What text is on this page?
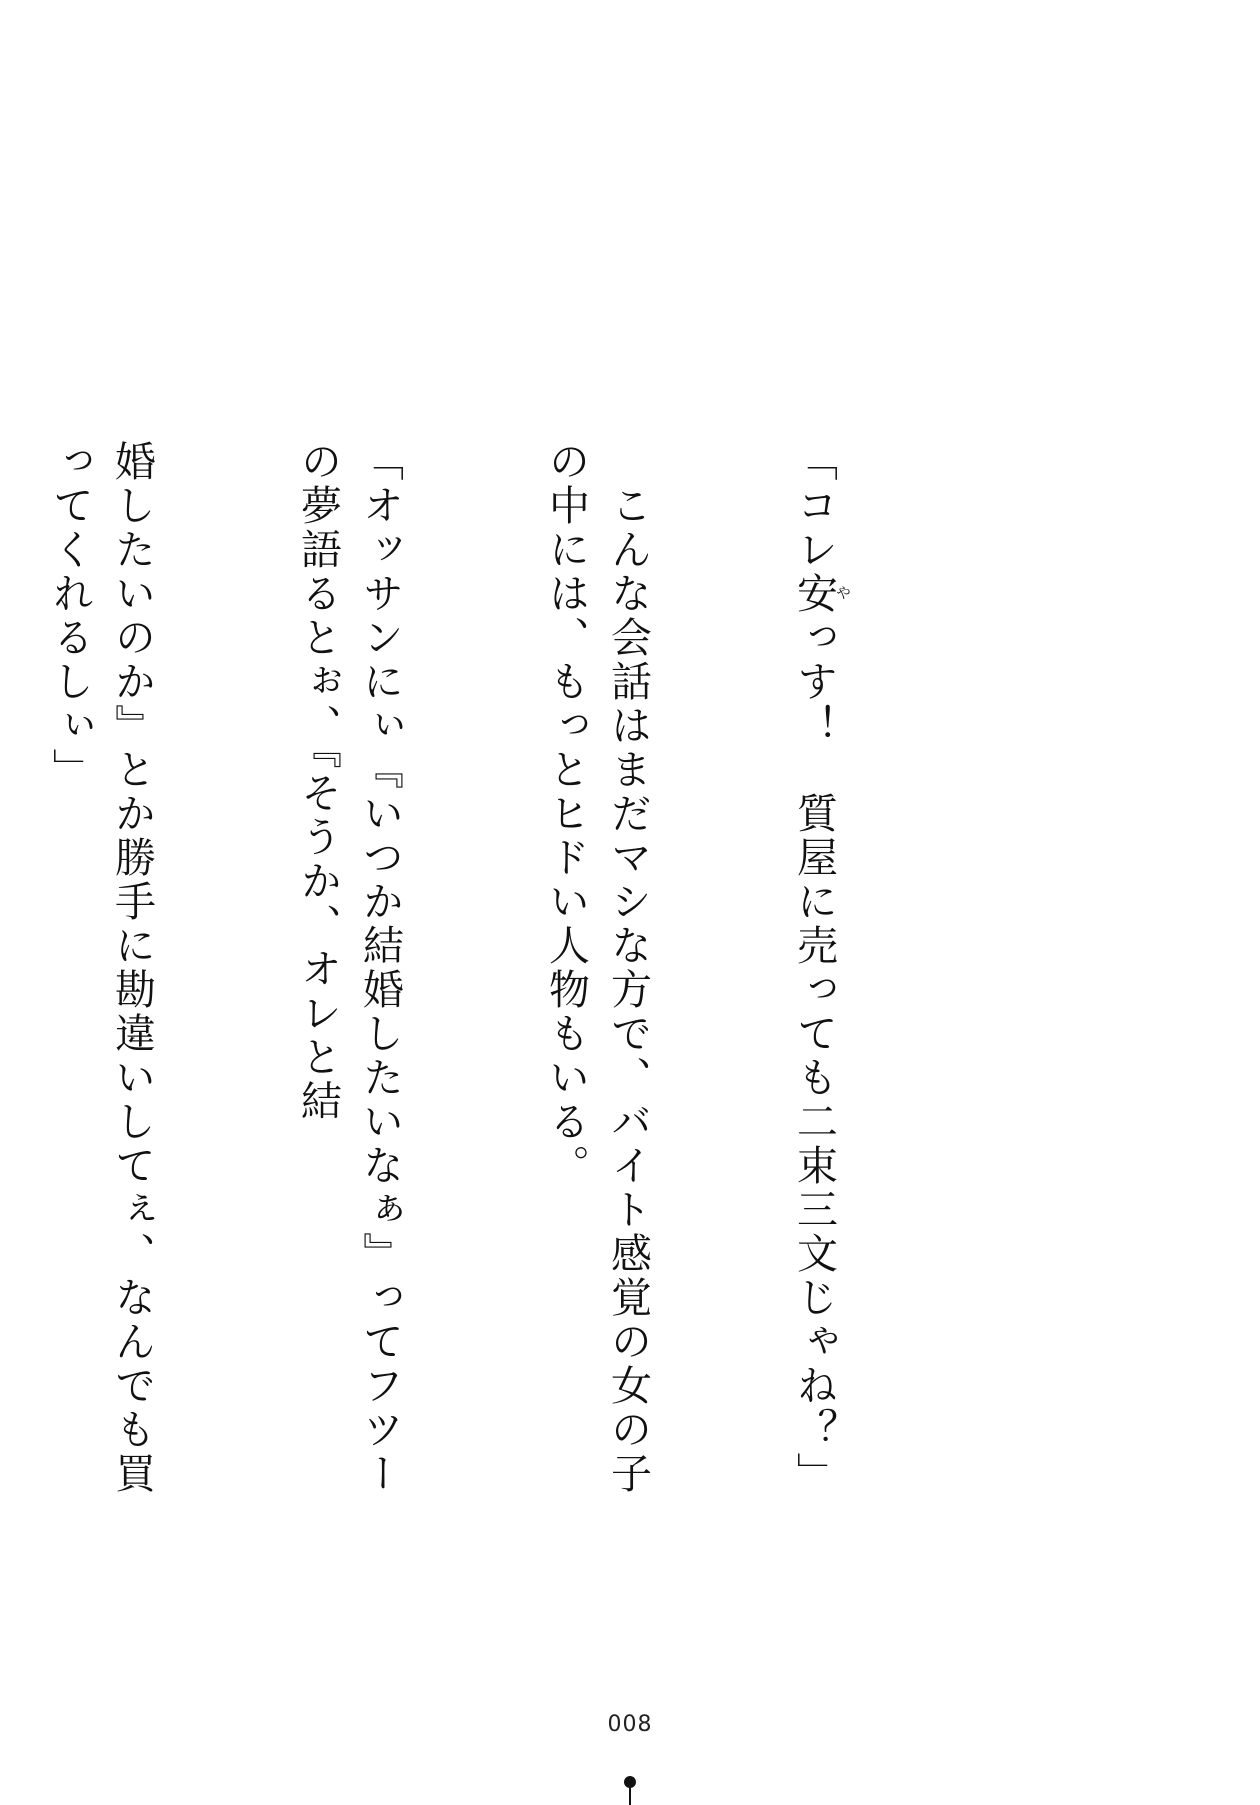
「コレ安やっす！　質屋に売っても二束三文じゃね？」

　こんな会話はまだマシな方で、バイト感覚の女の子の中には、もっとヒドい人物もいる。

「オッサンにぃ『いつか結婚したいなぁ』ってフツーの夢語るとぉ、『そうか、オレと結

婚したいのか』とか勝手に勘違いしてぇ、なんでも買ってくれるしぃ」

008
